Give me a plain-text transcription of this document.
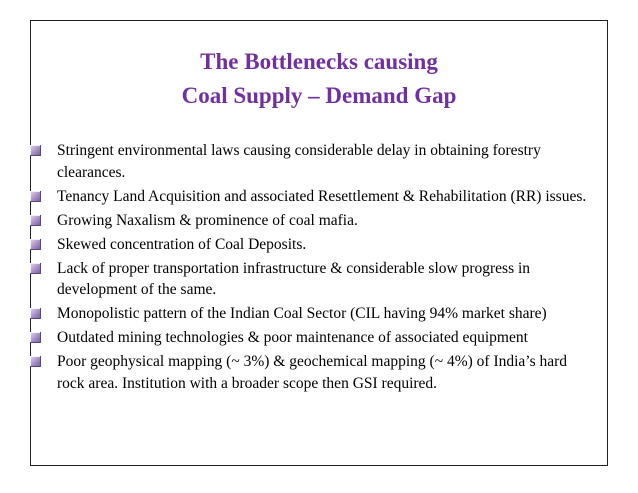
The Bottlenecks causing
Coal Supply – Demand Gap
Stringent environmental laws causing considerable delay in obtaining forestry clearances.
Tenancy Land Acquisition and associated Resettlement & Rehabilitation (RR) issues.
Growing Naxalism & prominence of coal mafia.
Skewed concentration of Coal Deposits.
Lack of proper transportation infrastructure & considerable slow progress in development of the same.
Monopolistic pattern of the Indian Coal Sector (CIL having 94% market share)
Outdated mining technologies & poor maintenance of associated equipment
Poor geophysical mapping (~ 3%) & geochemical mapping (~ 4%) of India’s hard rock area. Institution with a broader scope then GSI required.
